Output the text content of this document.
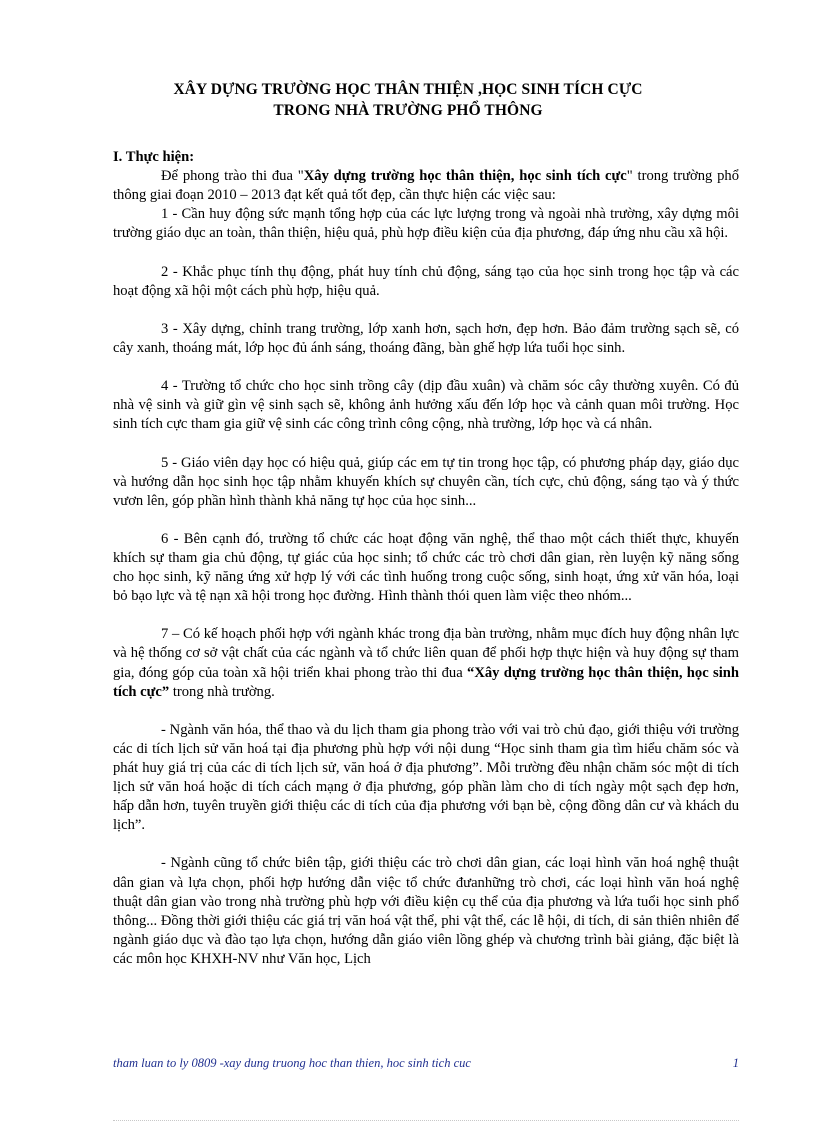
XÂY DỰNG TRƯỜNG HỌC THÂN THIỆN ,HỌC SINH TÍCH CỰC
TRONG NHÀ TRƯỜNG PHỔ THÔNG

I. Thực hiện:

Để phong trào thi đua "Xây dựng trường học thân thiện, học sinh tích cực" trong trường phổ thông giai đoạn 2010 – 2013 đạt kết quả tốt đẹp, cần thực hiện các việc sau:

1 - Cần huy động sức mạnh tổng hợp của các lực lượng trong và ngoài nhà trường, xây dựng môi trường giáo dục an toàn, thân thiện, hiệu quả, phù hợp điều kiện của địa phương, đáp ứng nhu cầu xã hội.

2 - Khắc phục tính thụ động, phát huy tính chủ động, sáng tạo của học sinh trong học tập và các hoạt động xã hội một cách phù hợp, hiệu quả.

3 - Xây dựng, chỉnh trang trường, lớp xanh hơn, sạch hơn, đẹp hơn. Bảo đảm trường sạch sẽ, có cây xanh, thoáng mát, lớp học đủ ánh sáng, thoáng đãng, bàn ghế hợp lứa tuổi học sinh.

4 - Trường tổ chức cho học sinh trồng cây (dịp đầu xuân) và chăm sóc cây thường xuyên. Có đủ nhà vệ sinh và giữ gìn vệ sinh sạch sẽ, không ảnh hưởng xấu đến lớp học và cảnh quan môi trường. Học sinh tích cực tham gia giữ vệ sinh các công trình công cộng, nhà trường, lớp học và cá nhân.

5 - Giáo viên dạy học có hiệu quả, giúp các em tự tin trong học tập, có phương pháp dạy, giáo dục và hướng dẫn học sinh học tập nhằm khuyến khích sự chuyên cần, tích cực, chủ động, sáng tạo và ý thức vươn lên, góp phần hình thành khả năng tự học của học sinh...

6 - Bên cạnh đó, trường tổ chức các hoạt động văn nghệ, thể thao một cách thiết thực, khuyến khích sự tham gia chủ động, tự giác của học sinh; tổ chức các trò chơi dân gian, rèn luyện kỹ năng sống cho học sinh, kỹ năng ứng xử hợp lý với các tình huống trong cuộc sống, sinh hoạt, ứng xử văn hóa, loại bỏ bạo lực và tệ nạn xã hội trong học đường. Hình thành thói quen làm việc theo nhóm...

7 – Có kế hoạch phối hợp với ngành khác trong địa bàn trường, nhằm mục đích huy động nhân lực và hệ thống cơ sở vật chất của các ngành và tổ chức liên quan để phối hợp thực hiện và huy động sự tham gia, đóng góp của toàn xã hội triển khai phong trào thi đua “Xây dựng trường học thân thiện, học sinh tích cực” trong nhà trường.

- Ngành văn hóa, thể thao và du lịch tham gia phong trào với vai trò chủ đạo, giới thiệu với trường các di tích lịch sử văn hoá tại địa phương phù hợp với nội dung “Học sinh tham gia tìm hiểu chăm sóc và phát huy giá trị của các di tích lịch sử, văn hoá ở địa phương”. Mỗi trường đều nhận chăm sóc một di tích lịch sử văn hoá hoặc di tích cách mạng ở địa phương, góp phần làm cho di tích ngày một sạch đẹp hơn, hấp dẫn hơn, tuyên truyền giới thiệu các di tích của địa phương với bạn bè, cộng đồng dân cư và khách du lịch”.

- Ngành cũng tổ chức biên tập, giới thiệu các trò chơi dân gian, các loại hình văn hoá nghệ thuật dân gian và lựa chọn, phối hợp hướng dẫn việc tổ chức đưanhững trò chơi, các loại hình văn hoá nghệ thuật dân gian vào trong nhà trường phù hợp với điều kiện cụ thể của địa phương và lứa tuổi học sinh phổ thông... Đồng thời giới thiệu các giá trị văn hoá vật thể, phi vật thể, các lễ hội, di tích, di sản thiên nhiên để ngành giáo dục và đào tạo lựa chọn, hướng dẫn giáo viên lồng ghép và chương trình bài giảng, đặc biệt là các môn học KHXH-NV như Văn học, Lịch

tham luan to ly 0809 -xay dung truong hoc than thien, hoc sinh tich cuc	1
